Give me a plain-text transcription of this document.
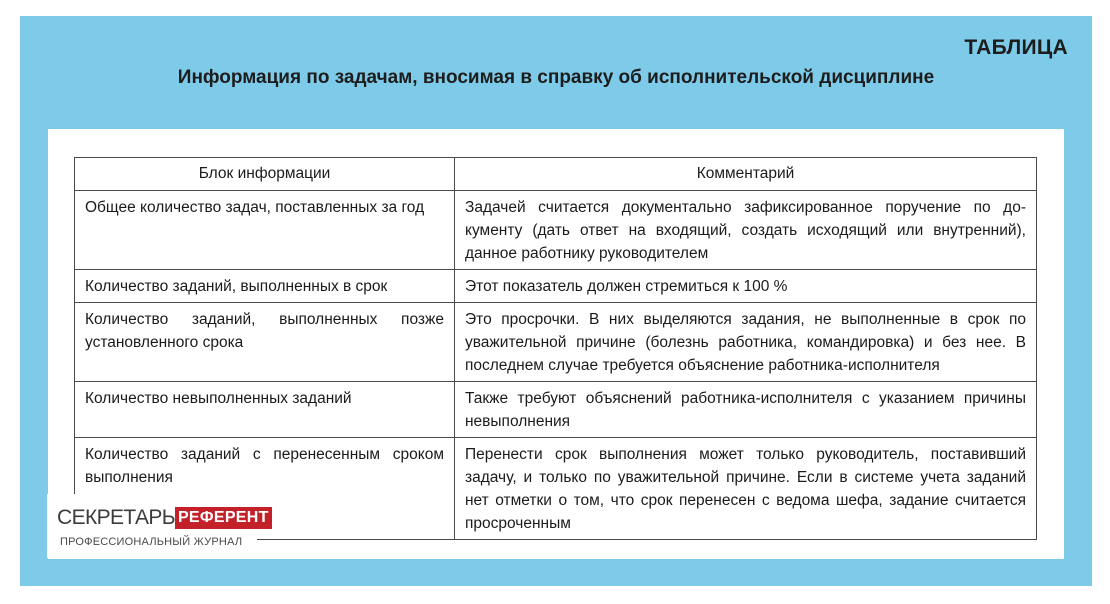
ТАБЛИЦА
Информация по задачам, вносимая в справку об исполнительской дисциплине
Блок информации	Комментарий
Общее количество задач, поставленных за год	Задачей считается документально зафиксированное поручение по документу (дать ответ на входящий, создать исходящий или внутренний), данное работнику руководителем
Количество заданий, выполненных в срок	Этот показатель должен стремиться к 100 %
Количество заданий, выполненных позже установленного срока	Это просрочки. В них выделяются задания, не выполненные в срок по уважительной причине (болезнь работника, командировка) и без нее. В последнем случае требуется объяснение работника-исполнителя
Количество невыполненных заданий	Также требуют объяснений работника-исполнителя с указанием причины невыполнения
Количество заданий с перенесенным сроком выполнения	Перенести срок выполнения может только руководитель, поставивший задачу, и только по уважительной причине. Если в системе учета заданий нет отметки о том, что срок перенесен с ведома шефа, задание считается просроченным
СЕКРЕТАРЬ РЕФЕРЕНТ
ПРОФЕССИОНАЛЬНЫЙ ЖУРНАЛ
